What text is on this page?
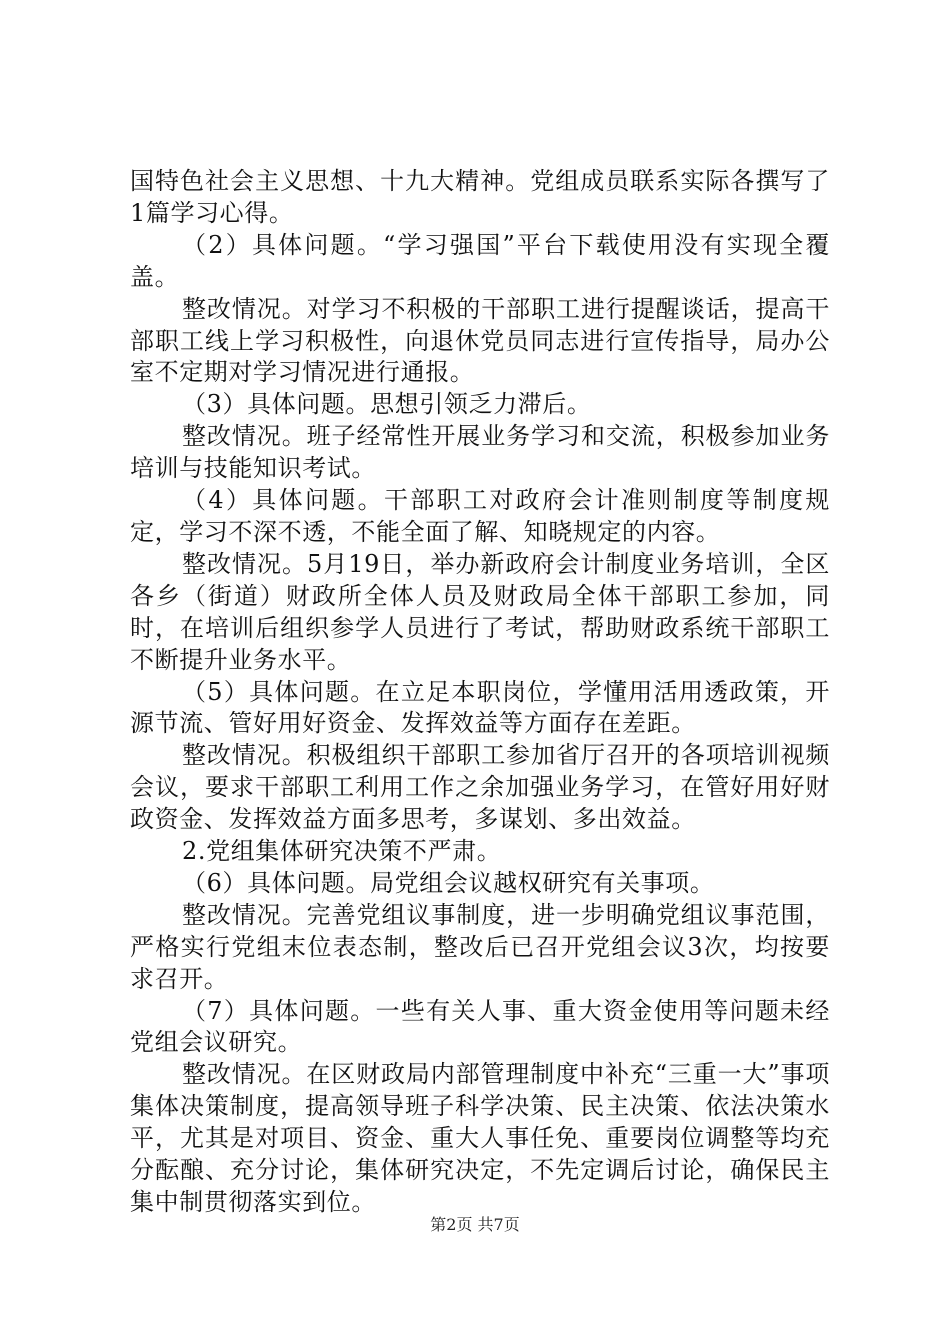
国特色社会主义思想、十九大精神。党组成员联系实际各撰写了1篇学习心得。

（2）具体问题。“学习强国”平台下载使用没有实现全覆盖。

整改情况。对学习不积极的干部职工进行提醒谈话，提高干部职工线上学习积极性，向退休党员同志进行宣传指导，局办公室不定期对学习情况进行通报。

（3）具体问题。思想引领乏力滞后。

整改情况。班子经常性开展业务学习和交流，积极参加业务培训与技能知识考试。

（4）具体问题。干部职工对政府会计准则制度等制度规定，学习不深不透，不能全面了解、知晓规定的内容。

整改情况。5月19日，举办新政府会计制度业务培训，全区各乡（街道）财政所全体人员及财政局全体干部职工参加，同时，在培训后组织参学人员进行了考试，帮助财政系统干部职工不断提升业务水平。

（5）具体问题。在立足本职岗位，学懂用活用透政策，开源节流、管好用好资金、发挥效益等方面存在差距。

整改情况。积极组织干部职工参加省厅召开的各项培训视频会议，要求干部职工利用工作之余加强业务学习，在管好用好财政资金、发挥效益方面多思考，多谋划、多出效益。

2.党组集体研究决策不严肃。

（6）具体问题。局党组会议越权研究有关事项。

整改情况。完善党组议事制度，进一步明确党组议事范围，严格实行党组末位表态制，整改后已召开党组会议3次，均按要求召开。

（7）具体问题。一些有关人事、重大资金使用等问题未经党组会议研究。

整改情况。在区财政局内部管理制度中补充“三重一大”事项集体决策制度，提高领导班子科学决策、民主决策、依法决策水平，尤其是对项目、资金、重大人事任免、重要岗位调整等均充分酝酿、充分讨论，集体研究决定，不先定调后讨论，确保民主集中制贯彻落实到位。

第2页 共7页
